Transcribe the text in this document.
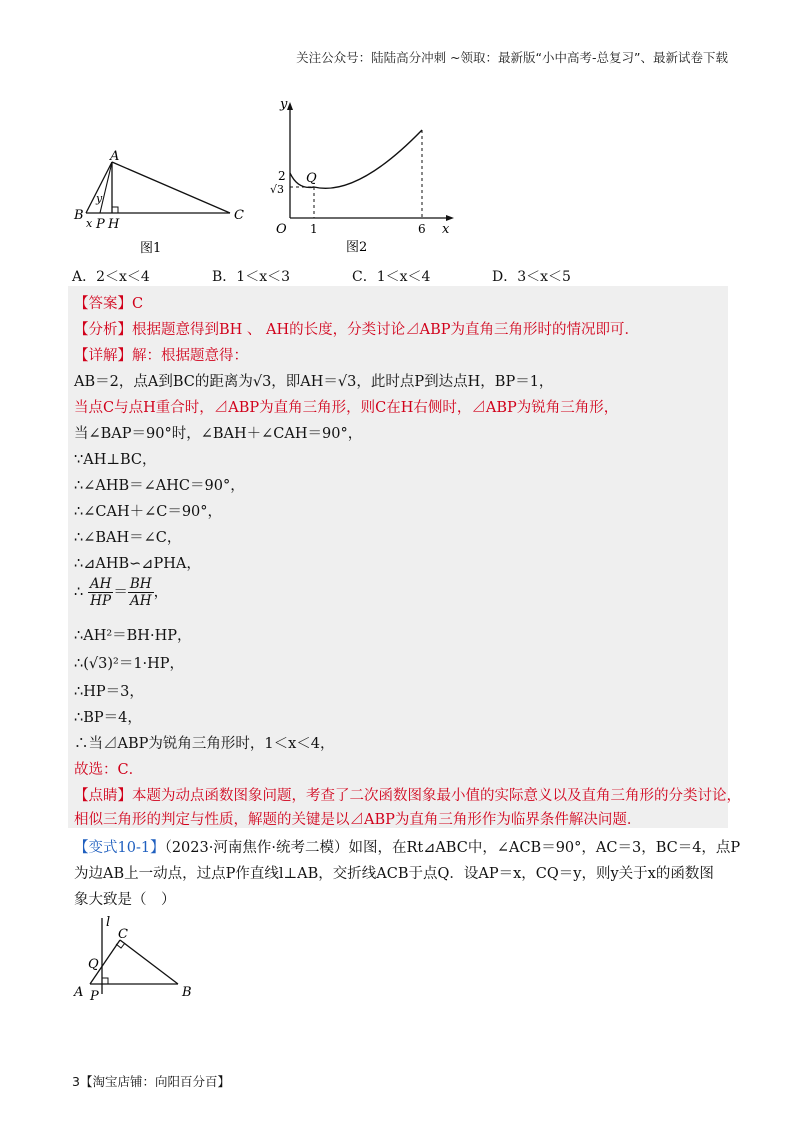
关注公众号：陆陆高分冲刺 ~领取：最新版“小中高考-总复习”、最新试卷下载
A
B	C
y
x P H
图1
y
x
O
2
√3
Q
1	6
图2
A．2＜x＜4	B．1＜x＜3	C．1＜x＜4	D．3＜x＜5
【答案】C
【分析】根据题意得到BH 、 AH的长度，分类讨论⊿ABP为直角三角形时的情况即可．
【详解】解：根据题意得：
AB＝2，点A到BC的距离为√3，即AH＝√3，此时点P到达点H，BP＝1，
当点C与点H重合时，⊿ABP为直角三角形，则C在H右侧时，⊿ABP为锐角三角形，
当∠BAP＝90°时，∠BAH＋∠CAH＝90°，
∵AH⊥BC，
∴∠AHB＝∠AHC＝90°，
∴∠CAH＋∠C＝90°，
∴∠BAH＝∠C，
∴⊿AHB∽⊿PHA，
∴ $\frac{AH}{HP} = \frac{BH}{AH}$ ，
∴AH²＝BH·HP，
∴(√3)²＝1·HP，
∴HP＝3，
∴BP＝4，
∴当⊿ABP为锐角三角形时，1＜x＜4，
故选：C．
【点睛】本题为动点函数图象问题，考查了二次函数图象最小值的实际意义以及直角三角形的分类讨论，
相似三角形的判定与性质，解题的关键是以⊿ABP为直角三角形作为临界条件解决问题．
【变式10-1】（2023·河南焦作·统考二模）如图，在Rt⊿ABC中，∠ACB＝90°，AC＝3，BC＝4，点P
为边AB上一动点，过点P作直线l⊥AB，交折线ACB于点Q．设AP＝x，CQ＝y，则y关于x的函数图
象大致是（　）
l
C
Q
A P	B
3【淘宝店铺：向阳百分百】
